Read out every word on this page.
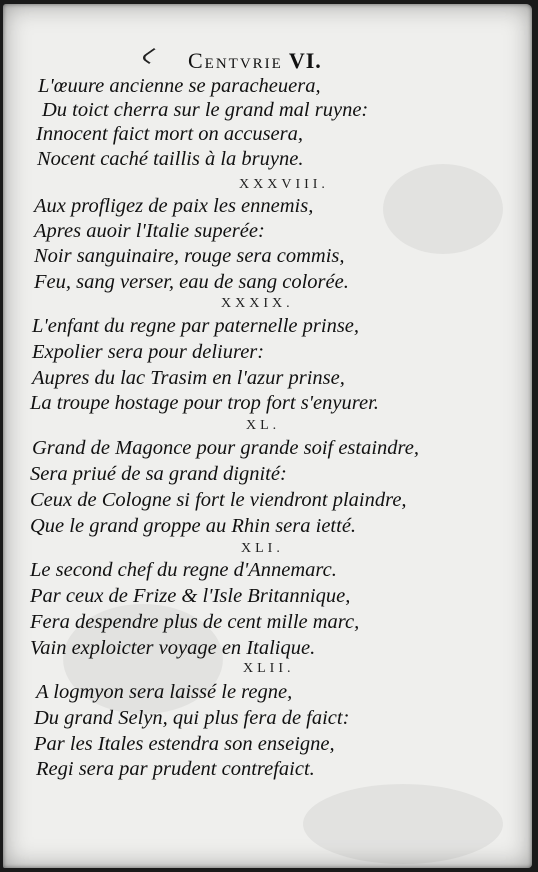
Centvrie VI.
L'œuure ancienne se paracheuera,
Du toict cherra sur le grand mal ruyne:
Innocent faict mort on accusera,
Nocent caché taillis à la bruyne.
XXXVIII.
Aux profligez de paix les ennemis,
Apres auoir l'Italie superée:
Noir sanguinaire, rouge sera commis,
Feu, sang verser, eau de sang colorée.
XXXIX.
L'enfant du regne par paternelle prinse,
Expolier sera pour deliurer:
Aupres du lac Trasim en l'azur prinse,
La troupe hostage pour trop fort s'enyurer.
XL.
Grand de Magonce pour grande soif estaindre,
Sera priué de sa grand dignité:
Ceux de Cologne si fort le viendront plaindre,
Que le grand groppe au Rhin sera ietté.
XLI.
Le second chef du regne d'Annemarc.
Par ceux de Frize & l'Isle Britannique,
Fera despendre plus de cent mille marc,
Vain exploicter voyage en Italique.
XLII.
A logmyon sera laissé le regne,
Du grand Selyn, qui plus fera de faict:
Par les Itales estendra son enseigne,
Regi sera par prudent contrefaict.
